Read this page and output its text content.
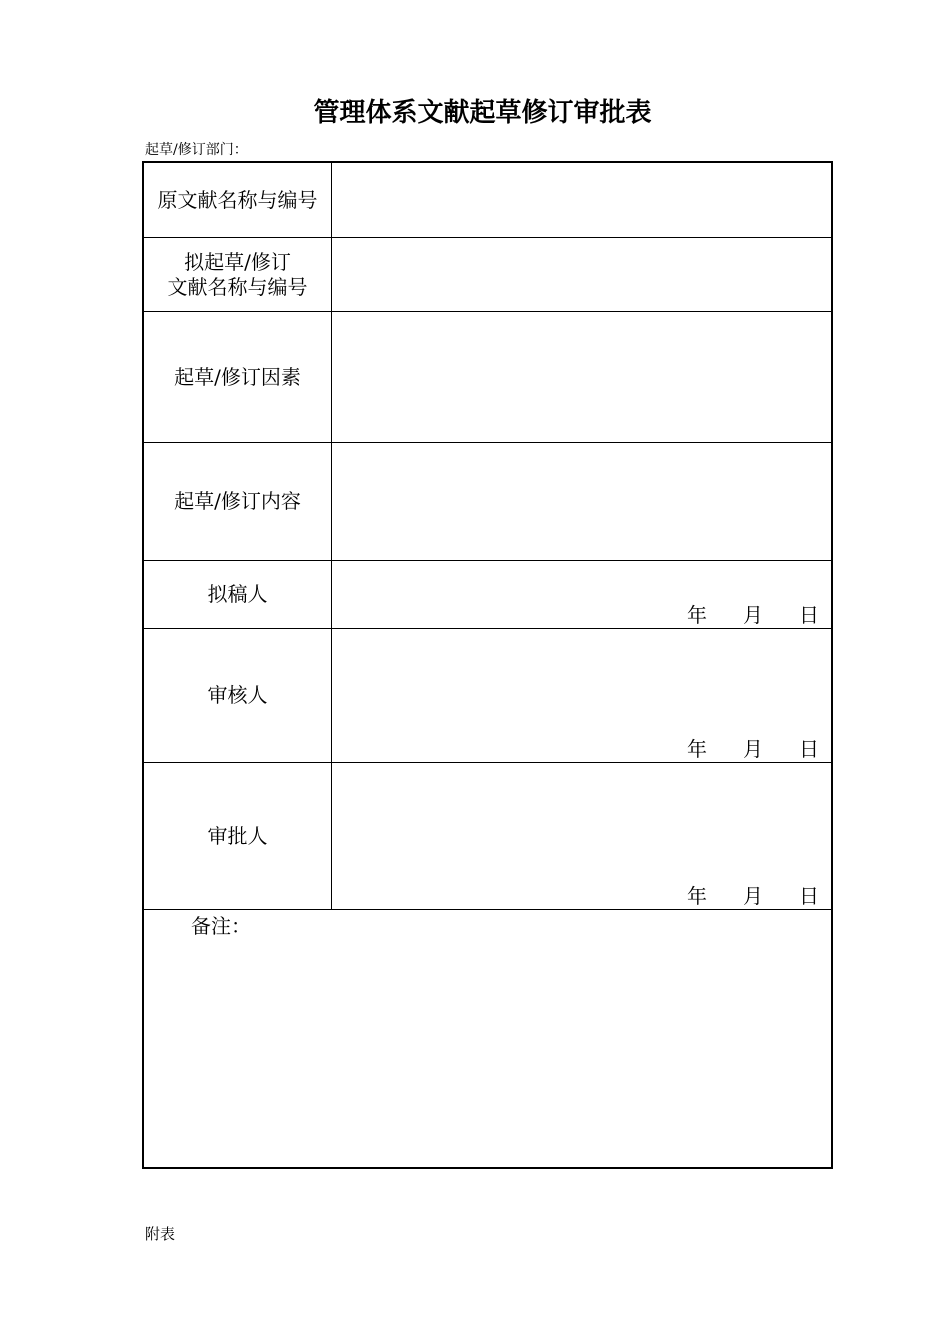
管理体系文献起草修订审批表
起草/修订部门：
原文献名称与编号
拟起草/修订
文献名称与编号
起草/修订因素
起草/修订内容
拟稿人
年 月 日
审核人
年 月 日
审批人
年 月 日
备注：
附表
